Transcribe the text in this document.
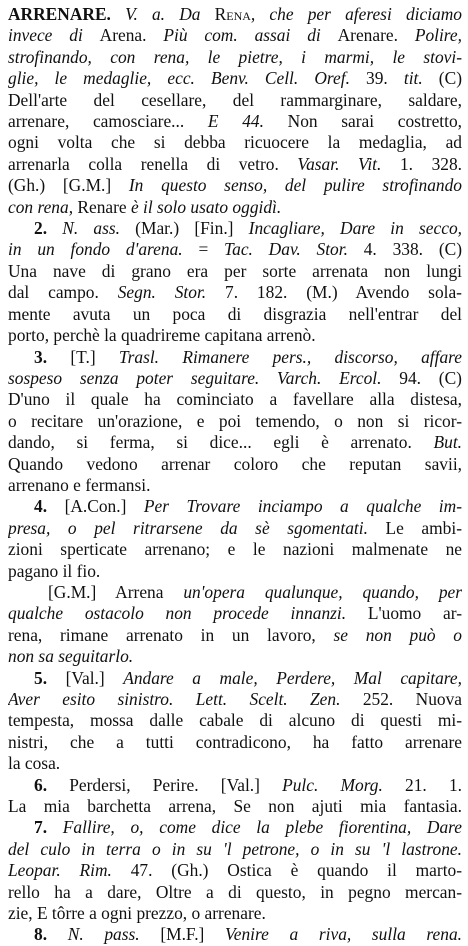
ARRENARE. V. a. Da Rena, che per aferesi diciamo
invece di Arena. Più com. assai di Arenare. Polire,
strofinando, con rena, le pietre, i marmi, le stovi-
glie, le medaglie, ecc. Benv. Cell. Oref. 39. tit. (C)
Dell'arte del cesellare, del rammarginare, saldare,
arrenare, camosciare... E 44. Non sarai costretto,
ogni volta che si debba ricuocere la medaglia, ad
arrenarla colla renella di vetro. Vasar. Vit. 1. 328.
(Gh.) [G.M.] In questo senso, del pulire strofinando
con rena, Renare è il solo usato oggidì.
2. N. ass. (Mar.) [Fin.] Incagliare, Dare in secco,
in un fondo d'arena. = Tac. Dav. Stor. 4. 338. (C)
Una nave di grano era per sorte arrenata non lungi
dal campo. Segn. Stor. 7. 182. (M.) Avendo sola-
mente avuta un poca di disgrazia nell'entrar del
porto, perchè la quadrireme capitana arrenò.
3. [T.] Trasl. Rimanere pers., discorso, affare
sospeso senza poter seguitare. Varch. Ercol. 94. (C)
D'uno il quale ha cominciato a favellare alla distesa,
o recitare un'orazione, e poi temendo, o non si ricor-
dando, si ferma, si dice... egli è arrenato. But.
Quando vedono arrenar coloro che reputan savii,
arrenano e fermansi.
4. [A.Con.] Per Trovare inciampo a qualche im-
presa, o pel ritrarsene da sè sgomentati. Le ambi-
zioni sperticate arrenano; e le nazioni malmenate ne
pagano il fio.
[G.M.] Arrena un'opera qualunque, quando, per
qualche ostacolo non procede innanzi. L'uomo ar-
rena, rimane arrenato in un lavoro, se non può o
non sa seguitarlo.
5. [Val.] Andare a male, Perdere, Mal capitare,
Aver esito sinistro. Lett. Scelt. Zen. 252. Nuova
tempesta, mossa dalle cabale di alcuno di questi mi-
nistri, che a tutti contradicono, ha fatto arrenare
la cosa.
6. Perdersi, Perire. [Val.] Pulc. Morg. 21. 1.
La mia barchetta arrena, Se non ajuti mia fantasia.
7. Fallire, o, come dice la plebe fiorentina, Dare
del culo in terra o in su 'l petrone, o in su 'l lastrone.
Leopar. Rim. 47. (Gh.) Ostica è quando il marto-
rello ha a dare, Oltre a di questo, in pegno mercan-
zie, E tôrre a ogni prezzo, o arrenare.
8. N. pass. [M.F.] Venire a riva, sulla rena.
